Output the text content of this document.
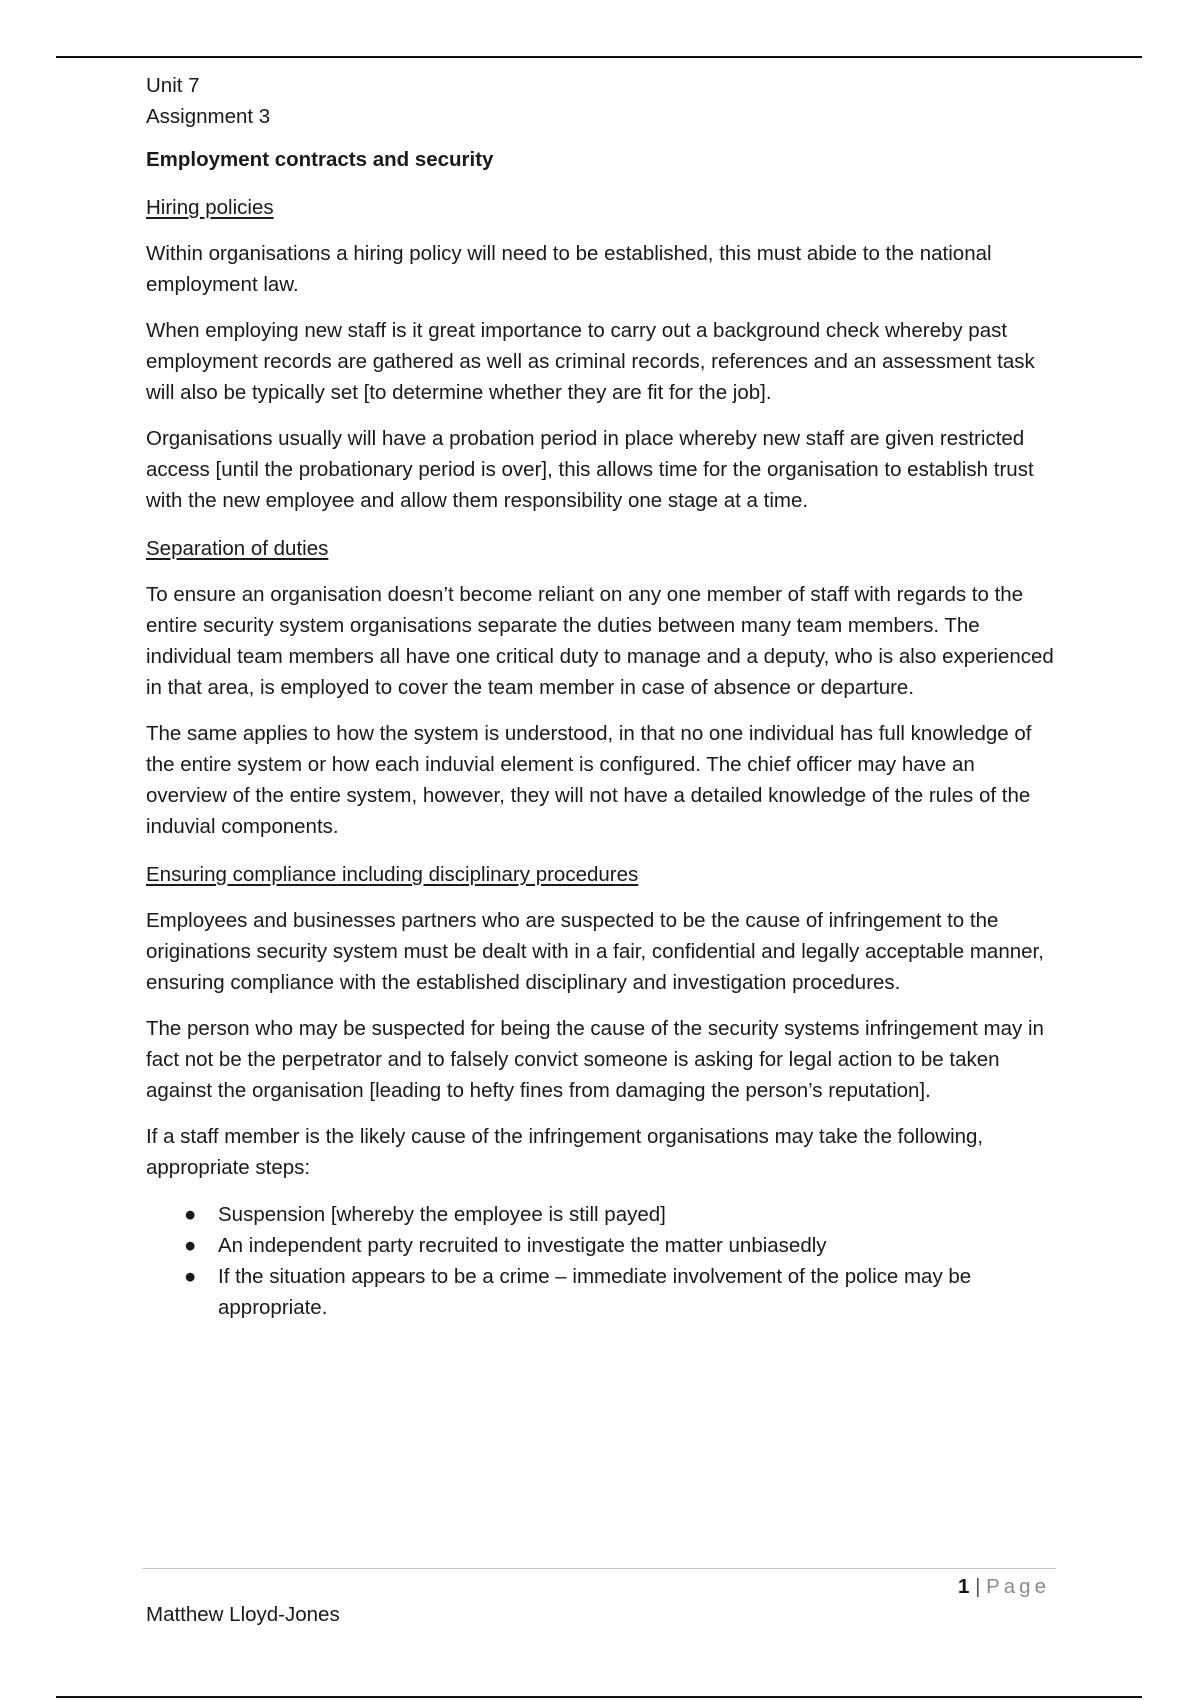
Unit 7

Assignment 3

Employment contracts and security

Hiring policies

Within organisations a hiring policy will need to be established, this must abide to the national employment law.

When employing new staff is it great importance to carry out a background check whereby past employment records are gathered as well as criminal records, references and an assessment task will also be typically set [to determine whether they are fit for the job].

Organisations usually will have a probation period in place whereby new staff are given restricted access [until the probationary period is over], this allows time for the organisation to establish trust with the new employee and allow them responsibility one stage at a time.

Separation of duties

To ensure an organisation doesn’t become reliant on any one member of staff with regards to the entire security system organisations separate the duties between many team members. The individual team members all have one critical duty to manage and a deputy, who is also experienced in that area, is employed to cover the team member in case of absence or departure.

The same applies to how the system is understood, in that no one individual has full knowledge of the entire system or how each induvial element is configured. The chief officer may have an overview of the entire system, however, they will not have a detailed knowledge of the rules of the induvial components.

Ensuring compliance including disciplinary procedures

Employees and businesses partners who are suspected to be the cause of infringement to the originations security system must be dealt with in a fair, confidential and legally acceptable manner, ensuring compliance with the established disciplinary and investigation procedures.

The person who may be suspected for being the cause of the security systems infringement may in fact not be the perpetrator and to falsely convict someone is asking for legal action to be taken against the organisation [leading to hefty fines from damaging the person’s reputation].

If a staff member is the likely cause of the infringement organisations may take the following, appropriate steps:

● Suspension [whereby the employee is still payed]
● An independent party recruited to investigate the matter unbiasedly
● If the situation appears to be a crime – immediate involvement of the police may be appropriate.
1 | Page
Matthew Lloyd-Jones
